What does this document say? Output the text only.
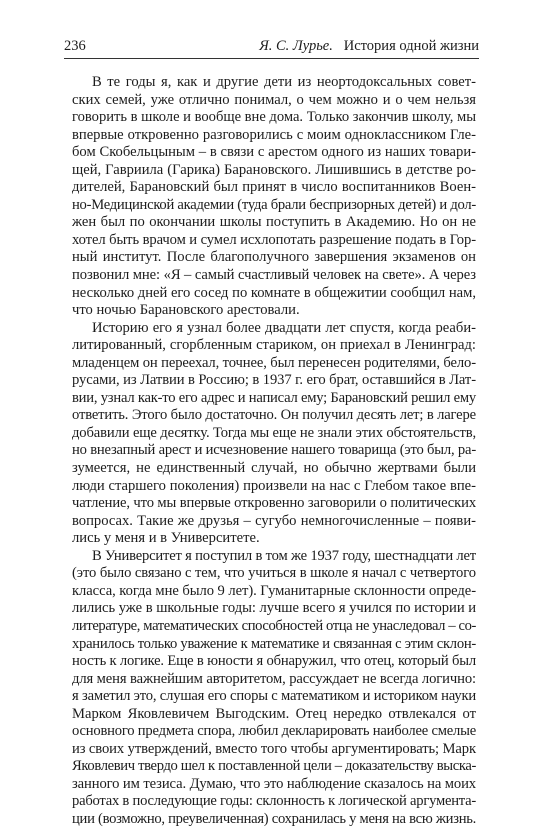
236	Я. С. Лурье. История одной жизни

В те годы я, как и другие дети из неортодоксальных совет-
ских семей, уже отлично понимал, о чем можно и о чем нельзя
говорить в школе и вообще вне дома. Только закончив школу, мы
впервые откровенно разговорились с моим одноклассником Гле-
бом Скобельцыным – в связи с арестом одного из наших товари-
щей, Гавриила (Гарика) Барановского. Лишившись в детстве ро-
дителей, Барановский был принят в число воспитанников Воен-
но-Медицинской академии (туда брали беспризорных детей) и дол-
жен был по окончании школы поступить в Академию. Но он не
хотел быть врачом и сумел исхлопотать разрешение подать в Гор-
ный институт. После благополучного завершения экзаменов он
позвонил мне: «Я – самый счастливый человек на свете». А через
несколько дней его сосед по комнате в общежитии сообщил нам,
что ночью Барановского арестовали.

Историю его я узнал более двадцати лет спустя, когда реаби-
литированный, сгорбленным стариком, он приехал в Ленинград:
младенцем он переехал, точнее, был перенесен родителями, бело-
русами, из Латвии в Россию; в 1937 г. его брат, оставшийся в Лат-
вии, узнал как-то его адрес и написал ему; Барановский решил ему
ответить. Этого было достаточно. Он получил десять лет; в лагере
добавили еще десятку. Тогда мы еще не знали этих обстоятельств,
но внезапный арест и исчезновение нашего товарища (это был, ра-
зумеется, не единственный случай, но обычно жертвами были
люди старшего поколения) произвели на нас с Глебом такое впе-
чатление, что мы впервые откровенно заговорили о политических
вопросах. Такие же друзья – сугубо немногочисленные – появи-
лись у меня и в Университете.

В Университет я поступил в том же 1937 году, шестнадцати лет
(это было связано с тем, что учиться в школе я начал с четвертого
класса, когда мне было 9 лет). Гуманитарные склонности опреде-
лились уже в школьные годы: лучше всего я учился по истории и
литературе, математических способностей отца не унаследовал – со-
хранилось только уважение к математике и связанная с этим склон-
ность к логике. Еще в юности я обнаружил, что отец, который был
для меня важнейшим авторитетом, рассуждает не всегда логично:
я заметил это, слушая его споры с математиком и историком науки
Марком Яковлевичем Выгодским. Отец нередко отвлекался от
основного предмета спора, любил декларировать наиболее смелые
из своих утверждений, вместо того чтобы аргументировать; Марк
Яковлевич твердо шел к поставленной цели – доказательству выска-
занного им тезиса. Думаю, что это наблюдение сказалось на моих
работах в последующие годы: склонность к логической аргумента-
ции (возможно, преувеличенная) сохранилась у меня на всю жизнь.
